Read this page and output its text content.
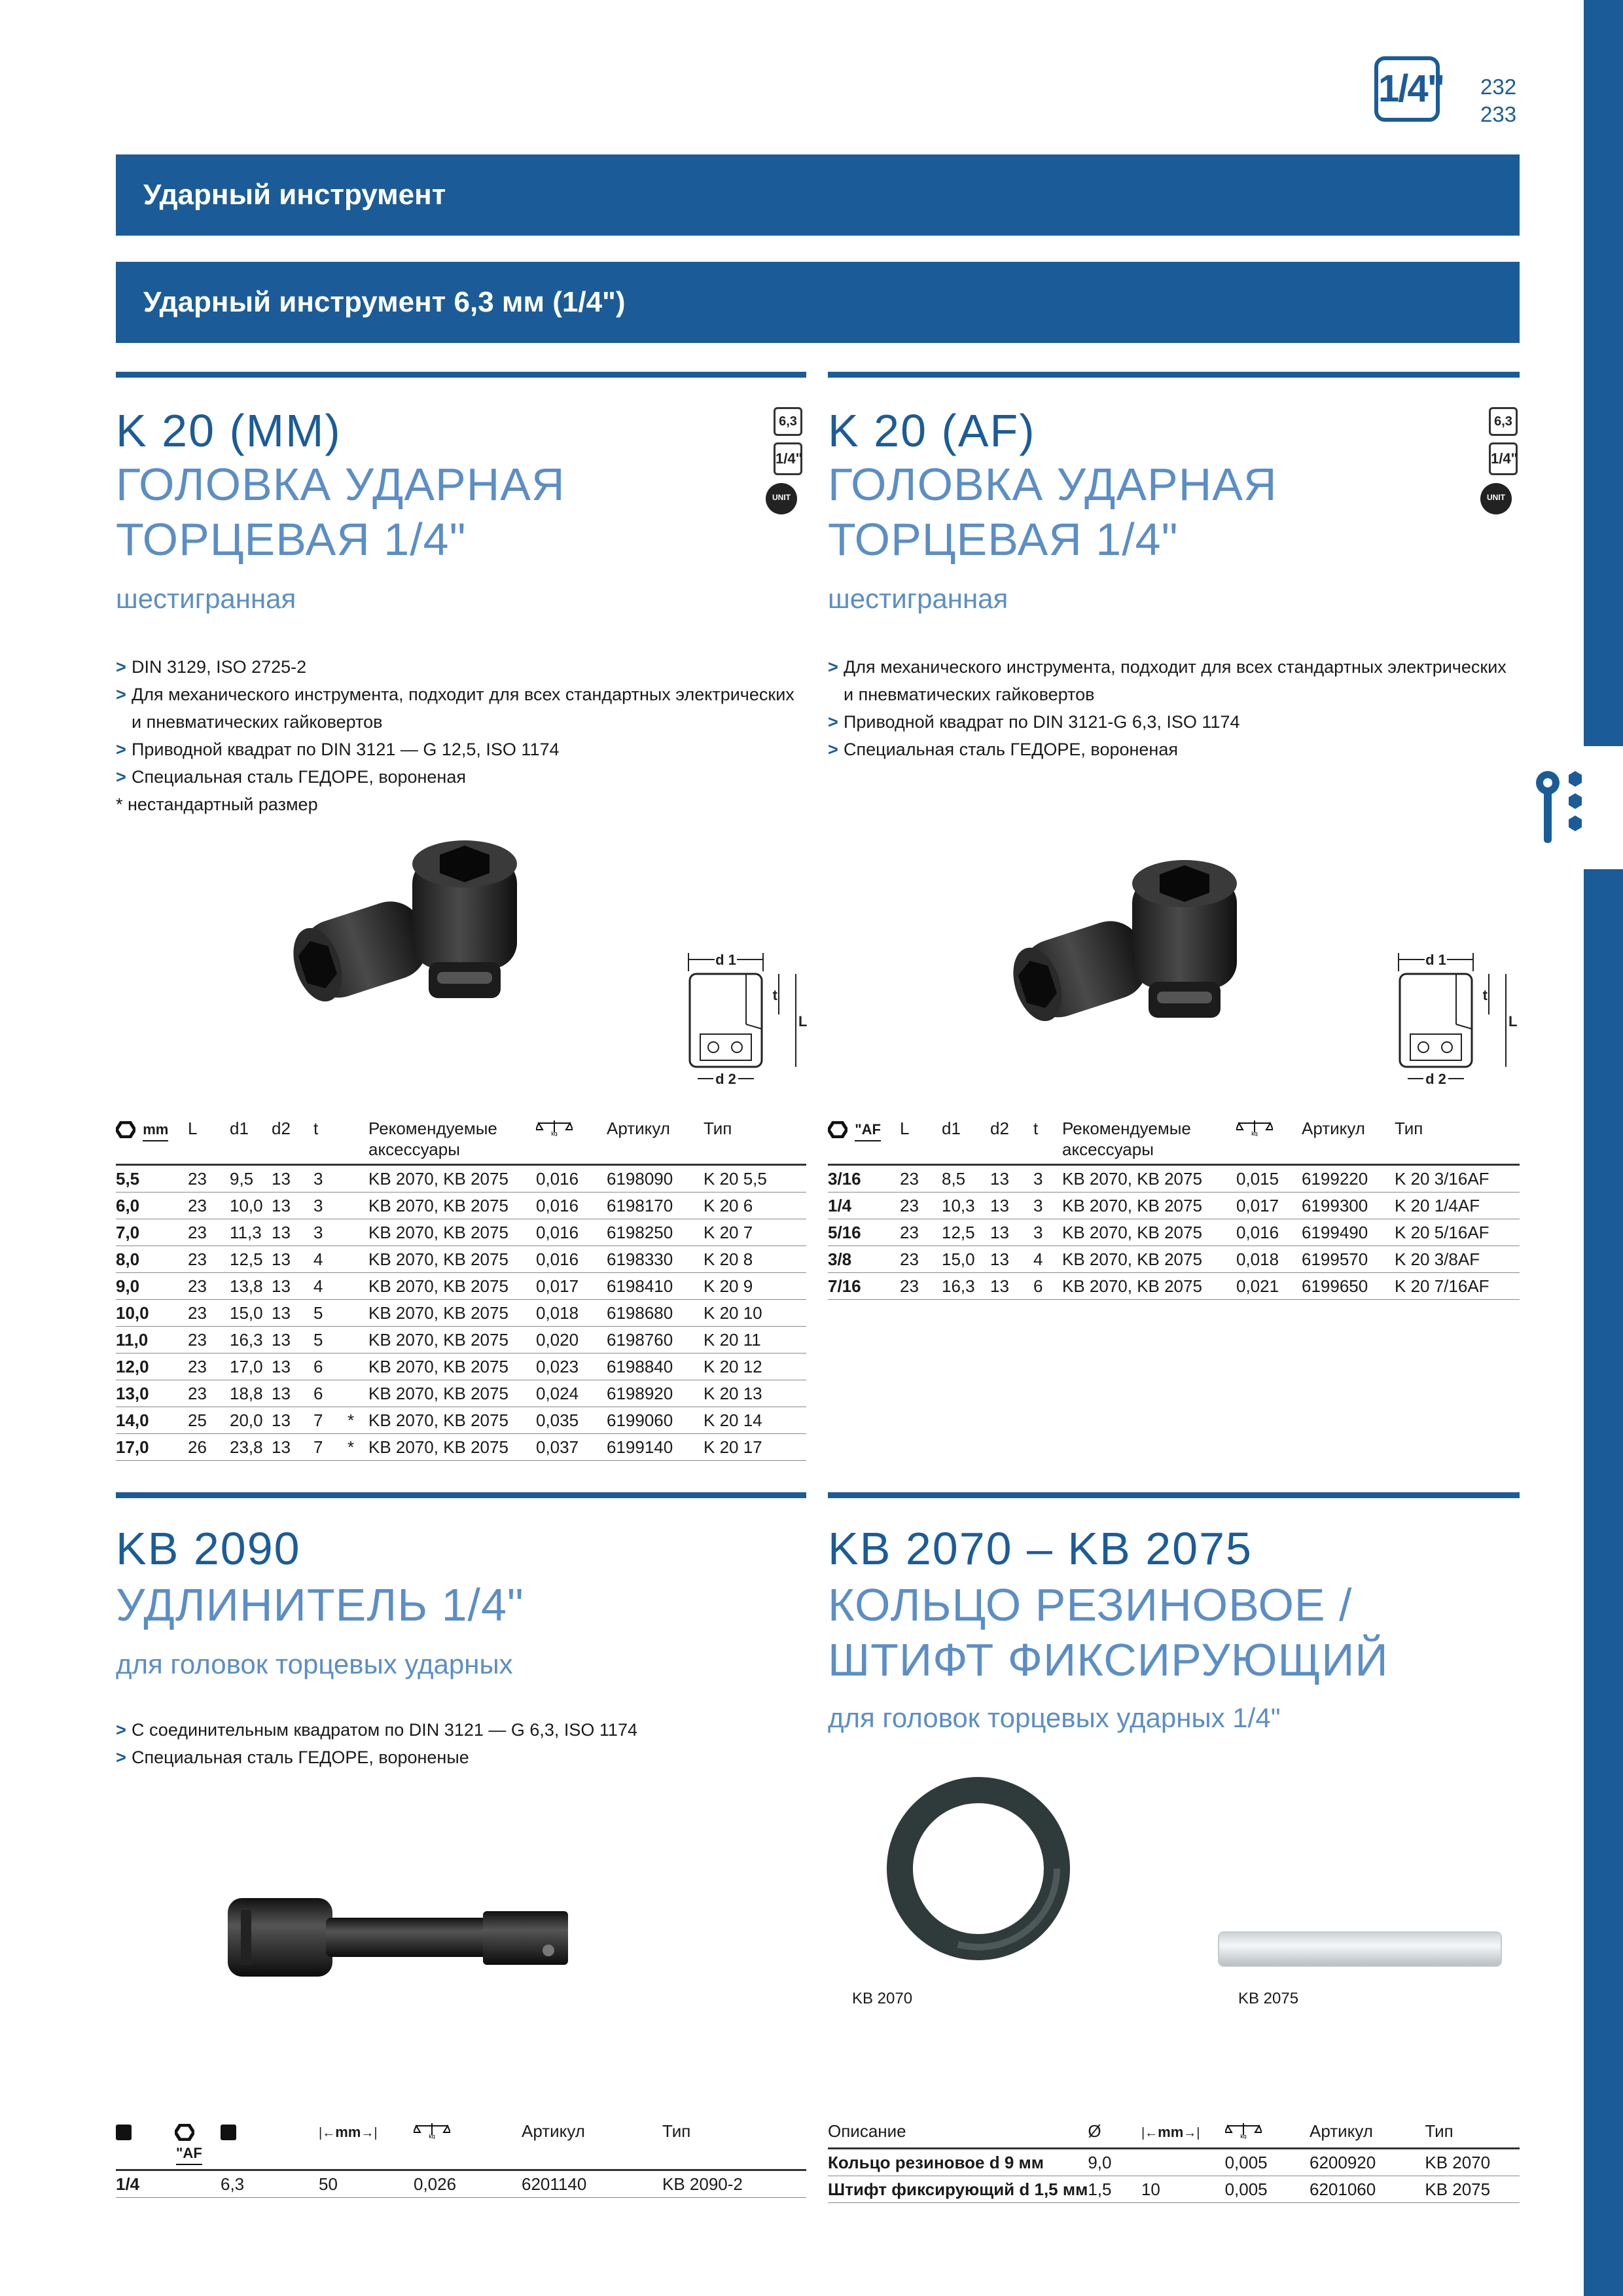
1/4" 232
233
Ударный инструмент
Ударный инструмент 6,3 мм (1/4")
K 20 (MM)
ГОЛОВКА УДАРНАЯ
ТОРЦЕВАЯ 1/4"
шестигранная
6,3
1/4"
UNIT DRIVE
> DIN 3129, ISO 2725-2
> Для механического инструмента, подходит для всех стандартных электрических
и пневматических гайковертов
> Приводной квадрат по DIN 3121 — G 12,5, ISO 1174
> Специальная сталь ГЕДОРЕ, вороненая
* нестандартный размер
d 1
t
L
d 2
mm	L	d1	d2	t		Рекомендуемые аксессуары	kg	Артикул	Тип
5,5	23	9,5	13	3		KB 2070, KB 2075	0,016	6198090	K 20 5,5
6,0	23	10,0	13	3		KB 2070, KB 2075	0,016	6198170	K 20 6
7,0	23	11,3	13	3		KB 2070, KB 2075	0,016	6198250	K 20 7
8,0	23	12,5	13	4		KB 2070, KB 2075	0,016	6198330	K 20 8
9,0	23	13,8	13	4		KB 2070, KB 2075	0,017	6198410	K 20 9
10,0	23	15,0	13	5		KB 2070, KB 2075	0,018	6198680	K 20 10
11,0	23	16,3	13	5		KB 2070, KB 2075	0,020	6198760	K 20 11
12,0	23	17,0	13	6		KB 2070, KB 2075	0,023	6198840	K 20 12
13,0	23	18,8	13	6		KB 2070, KB 2075	0,024	6198920	K 20 13
14,0	25	20,0	13	7	*	KB 2070, KB 2075	0,035	6199060	K 20 14
17,0	26	23,8	13	7	*	KB 2070, KB 2075	0,037	6199140	K 20 17
K 20 (AF)
ГОЛОВКА УДАРНАЯ
ТОРЦЕВАЯ 1/4"
шестигранная
6,3
1/4"
UNIT DRIVE
> Для механического инструмента, подходит для всех стандартных электрических
и пневматических гайковертов
> Приводной квадрат по DIN 3121-G 6,3, ISO 1174
> Специальная сталь ГЕДОРЕ, вороненая
d 1
t
L
d 2
"AF	L	d1	d2	t	Рекомендуемые аксессуары	kg	Артикул	Тип
3/16	23	8,5	13	3	KB 2070, KB 2075	0,015	6199220	K 20 3/16AF
1/4	23	10,3	13	3	KB 2070, KB 2075	0,017	6199300	K 20 1/4AF
5/16	23	12,5	13	3	KB 2070, KB 2075	0,016	6199490	K 20 5/16AF
3/8	23	15,0	13	4	KB 2070, KB 2075	0,018	6199570	K 20 3/8AF
7/16	23	16,3	13	6	KB 2070, KB 2075	0,021	6199650	K 20 7/16AF
KB 2090
УДЛИНИТЕЛЬ 1/4"
для головок торцевых ударных
> С соединительным квадратом по DIN 3121 — G 6,3, ISO 1174
> Специальная сталь ГЕДОРЕ, вороненые
	"AF		|←mm→|	kg	Артикул	Тип
1/4		6,3	50	0,026	6201140	KB 2090-2
KB 2070 – KB 2075
КОЛЬЦО РЕЗИНОВОЕ /
ШТИФТ ФИКСИРУЮЩИЙ
для головок торцевых ударных 1/4"
KB 2070	KB 2075
Описание	Ø	|←mm→|	kg	Артикул	Тип
Кольцо резиновое d 9 мм	9,0		0,005	6200920	KB 2070
Штифт фиксирующий d 1,5 мм	1,5	10	0,005	6201060	KB 2075
